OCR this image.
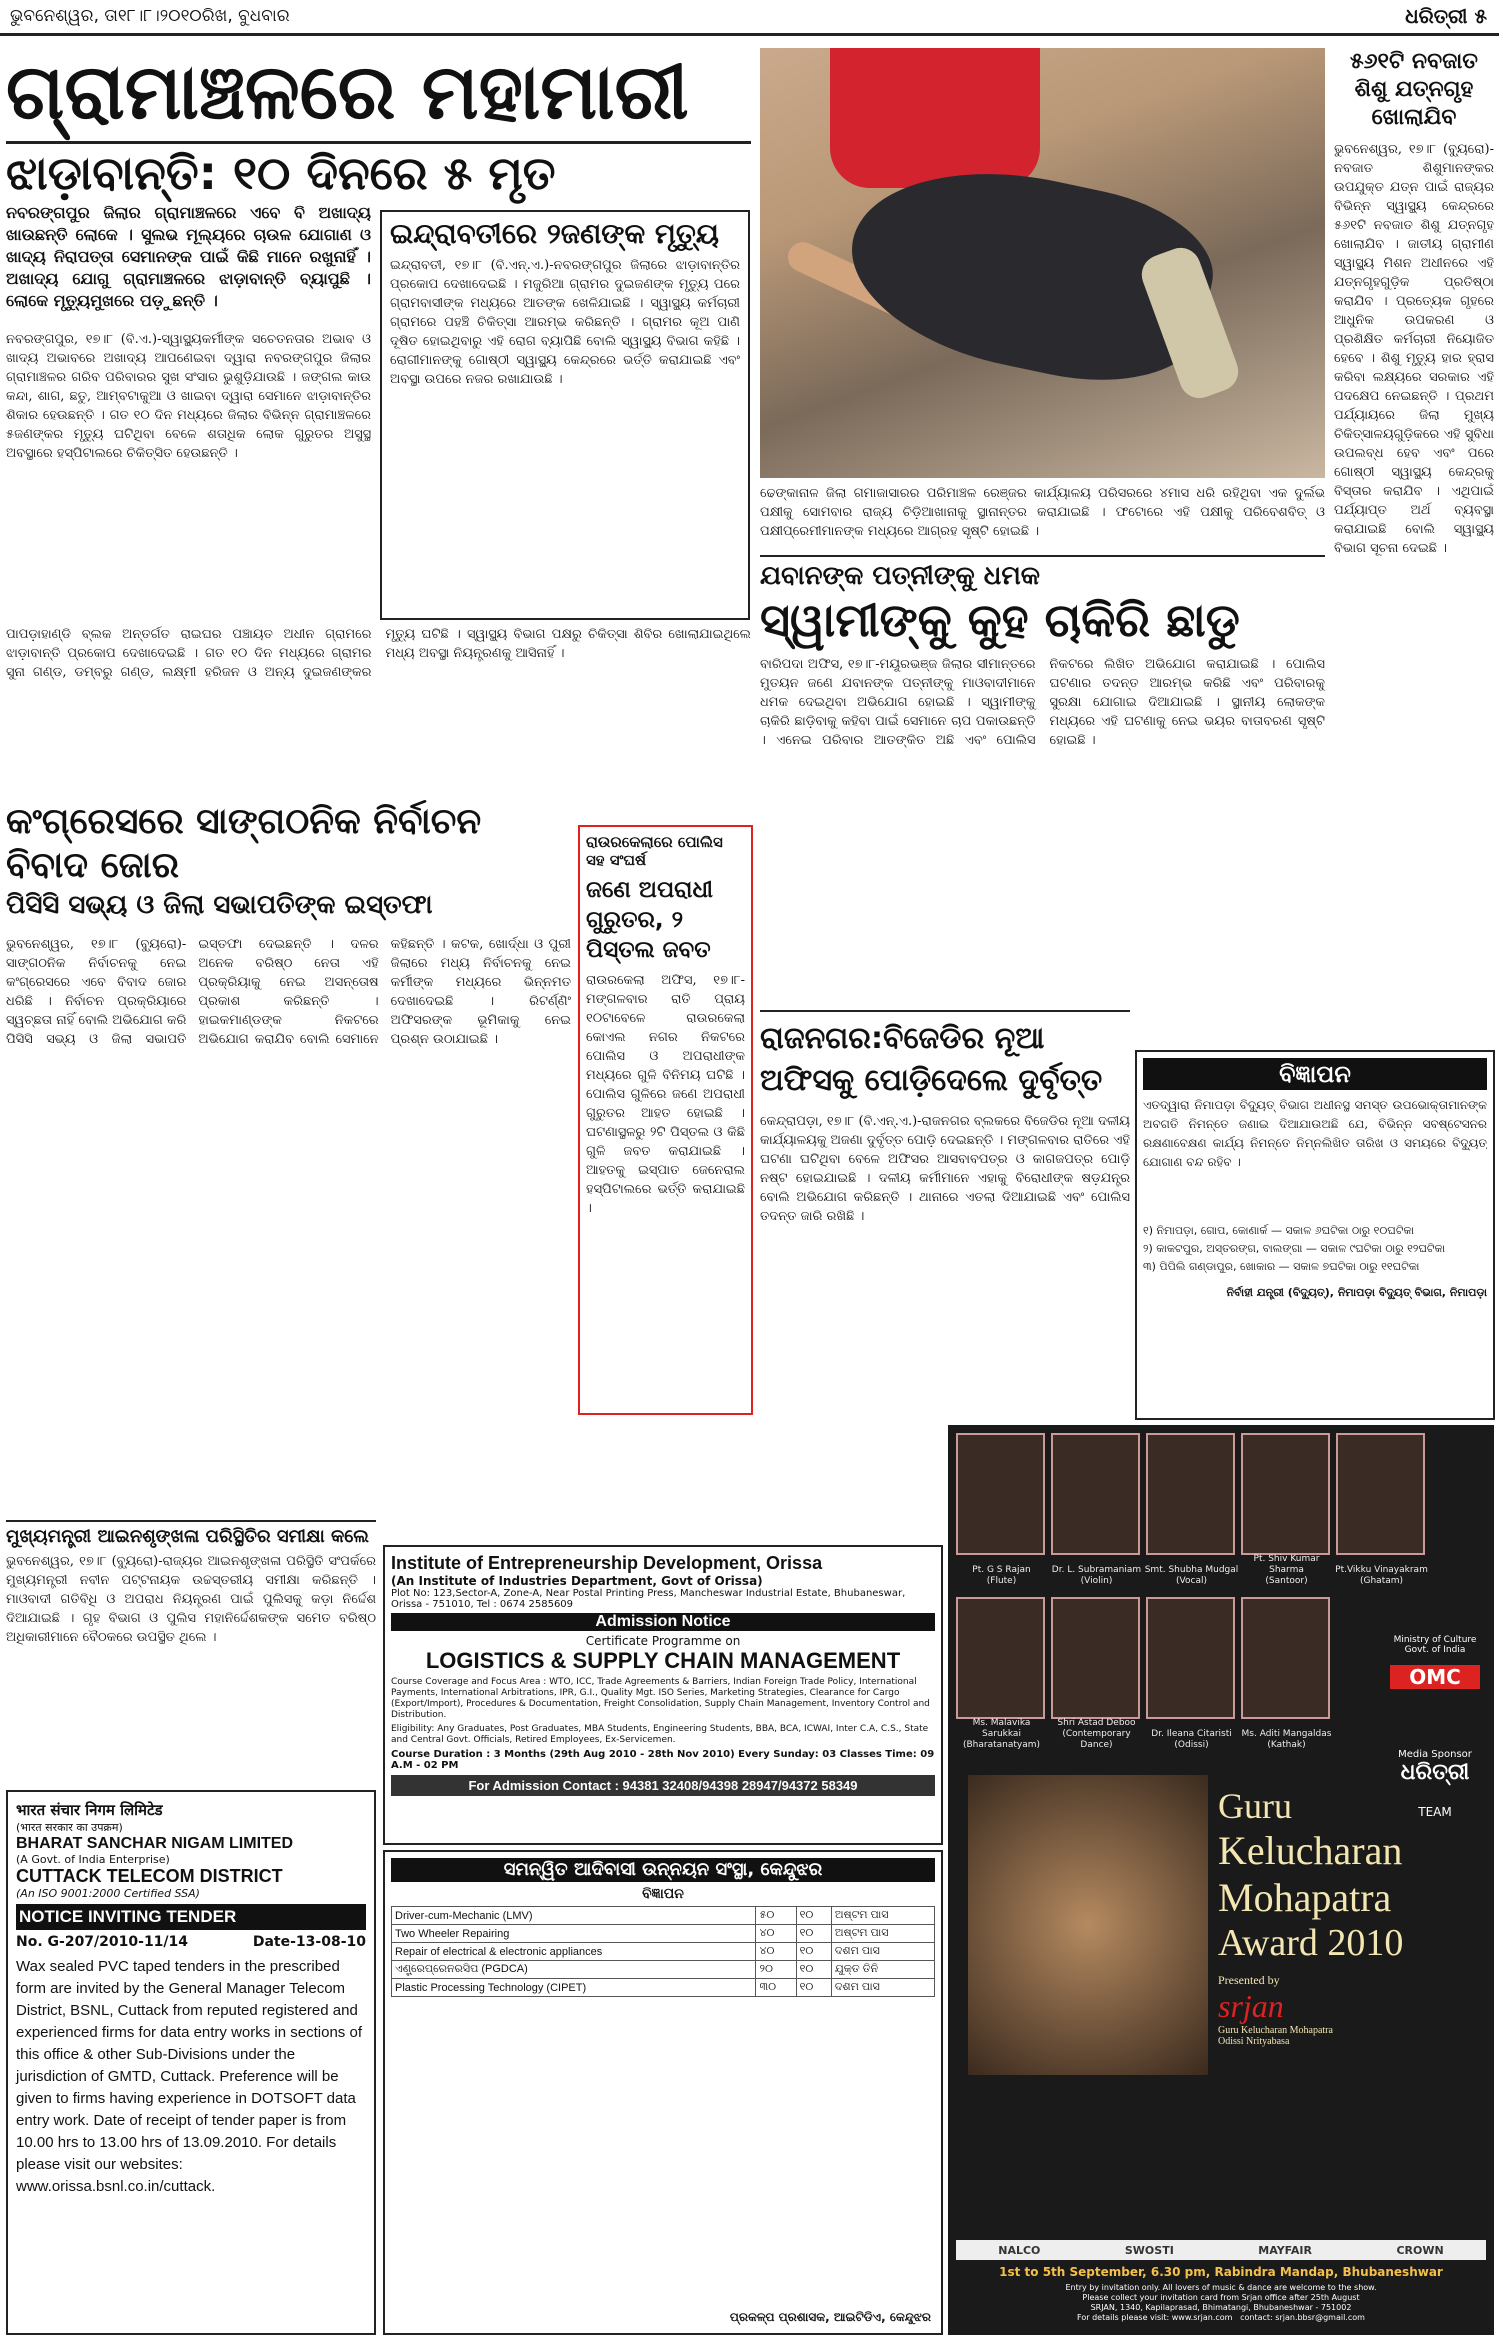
ଭୁବନେଶ୍ୱର, ତା୧୮।୮।୨୦୧୦ରିଖ, ବୁଧବାର	ଧରିତ୍ରୀ ୫
ଗ୍ରାମାଞ୍ଚଳରେ ମହାମାରୀ
ଝାଡ଼ାବାନ୍ତି: ୧୦ ଦିନରେ ୫ ମୃତ
ନବରଙ୍ଗପୁର ଜିଲାର ଗ୍ରାମାଞ୍ଚଳରେ ଏବେ ବି ଅଖାଦ୍ୟ ଖାଉଛନ୍ତି ଲୋକେ । ସୁଲଭ ମୂଲ୍ୟରେ ଚାଉଳ ଯୋଗାଣ ଓ ଖାଦ୍ୟ ନିରାପତ୍ତା ସେମାନଙ୍କ ପାଇଁ କିଛି ମାନେ ରଖୁନାହିଁ । ଅଖାଦ୍ୟ ଯୋଗୁ ଗ୍ରାମାଞ୍ଚଳରେ ଝାଡ଼ାବାନ୍ତି ବ୍ୟାପୁଛି । ଲୋକେ ମୃତ୍ୟୁମୁଖରେ ପଡ଼ୁଛନ୍ତି ।
ନବରଙ୍ଗପୁର, ୧୭।୮ (ବି.ଏ.)-ସ୍ୱାସ୍ଥ୍ୟକର୍ମୀଙ୍କ ସଚେତନତାର ଅଭାବ ଓ ଖାଦ୍ୟ ଅଭାବରେ ଅଖାଦ୍ୟ ଆପଣେଇବା ଦ୍ୱାରା ନବରଙ୍ଗପୁର ଜିଲାର ଗ୍ରାମାଞ୍ଚଳର ଗରିବ ପରିବାରର ସୁଖ ସଂସାର ଭୁଶୁଡ଼ିଯାଉଛି । ଜଙ୍ଗଲ କାଉ କନ୍ଦା, ଶାଗ, ଛତୁ, ଆମ୍ବଟାକୁଆ ଓ ଖାଇବା ଦ୍ୱାରା ସେମାନେ ଝାଡ଼ାବାନ୍ତିର ଶିକାର ହେଉଛନ୍ତି । ଗତ ୧୦ ଦିନ ମଧ୍ୟରେ ଜିଲାର ବିଭିନ୍ନ ଗ୍ରାମାଞ୍ଚଳରେ ୫ଜଣଙ୍କର ମୃତ୍ୟୁ ଘଟିଥିବା ବେଳେ ଶତାଧିକ ଲୋକ ଗୁରୁତର ଅସୁସ୍ଥ ଅବସ୍ଥାରେ ହସ୍ପିଟାଲରେ ଚିକିତ୍ସିତ ହେଉଛନ୍ତି ।
ପାପଡ଼ାହାଣ୍ଡି ବ୍ଲକ ଅନ୍ତର୍ଗତ ରାଇଘର ପଞ୍ଚାୟତ ଅଧୀନ ଗ୍ରାମରେ ଝାଡ଼ାବାନ୍ତି ପ୍ରକୋପ ଦେଖାଦେଇଛି । ଗତ ୧୦ ଦିନ ମଧ୍ୟରେ ଗ୍ରାମର ସୁନା ଗଣ୍ଡ, ଡମ୍ବରୁ ଗଣ୍ଡ, ଲକ୍ଷ୍ମୀ ହରିଜନ ଓ ଅନ୍ୟ ଦୁଇଜଣଙ୍କର ମୃତ୍ୟୁ ଘଟିଛି । ସ୍ୱାସ୍ଥ୍ୟ ବିଭାଗ ପକ୍ଷରୁ ଚିକିତ୍ସା ଶିବିର ଖୋଲାଯାଇଥିଲେ ମଧ୍ୟ ଅବସ୍ଥା ନିୟନ୍ତ୍ରଣକୁ ଆସିନାହିଁ ।
ଇନ୍ଦ୍ରାବତୀରେ ୨ଜଣଙ୍କ ମୃତ୍ୟୁ
ଇନ୍ଦ୍ରାବତୀ, ୧୭।୮ (ବି.ଏନ୍.ଏ.)-ନବରଙ୍ଗପୁର ଜିଲାରେ ଝାଡ଼ାବାନ୍ତିର ପ୍ରକୋପ ଦେଖାଦେଇଛି । ମଜୁରିଆ ଗ୍ରାମର ଦୁଇଜଣଙ୍କ ମୃତ୍ୟୁ ପରେ ଗ୍ରାମବାସୀଙ୍କ ମଧ୍ୟରେ ଆତଙ୍କ ଖେଳିଯାଇଛି । ସ୍ୱାସ୍ଥ୍ୟ କର୍ମଚାରୀ ଗ୍ରାମରେ ପହଞ୍ଚି ଚିକିତ୍ସା ଆରମ୍ଭ କରିଛନ୍ତି । ଗ୍ରାମର କୂଅ ପାଣି ଦୂଷିତ ହୋଇଥିବାରୁ ଏହି ରୋଗ ବ୍ୟାପିଛି ବୋଲି ସ୍ୱାସ୍ଥ୍ୟ ବିଭାଗ କହିଛି । ରୋଗୀମାନଙ୍କୁ ଗୋଷ୍ଠୀ ସ୍ୱାସ୍ଥ୍ୟ କେନ୍ଦ୍ରରେ ଭର୍ତ୍ତି କରାଯାଇଛି ଏବଂ ଅବସ୍ଥା ଉପରେ ନଜର ରଖାଯାଉଛି ।
ଢେଙ୍କାନାଳ ଜିଲା ଗମାଜାସାରର ପରିମାଞ୍ଚଳ ରେଞ୍ଜର କାର୍ଯ୍ୟାଳୟ ପରିସରରେ ୪ମାସ ଧରି ରହିଥିବା ଏକ ଦୁର୍ଲଭ ପକ୍ଷୀକୁ ସୋମବାର ରାଜ୍ୟ ଚିଡ଼ିଆଖାନାକୁ ସ୍ଥାନାନ୍ତର କରାଯାଇଛି । ଫଟୋରେ ଏହି ପକ୍ଷୀକୁ ପରିବେଶବିତ୍ ଓ ପକ୍ଷୀପ୍ରେମୀମାନଙ୍କ ମଧ୍ୟରେ ଆଗ୍ରହ ସୃଷ୍ଟି ହୋଇଛି ।
୫୬୧ଟି ନବଜାତ ଶିଶୁ ଯତ୍ନଗୃହ ଖୋଲାଯିବ
ଭୁବନେଶ୍ୱର, ୧୭।୮ (ବ୍ୟୁରୋ)-ନବଜାତ ଶିଶୁମାନଙ୍କର ଉପଯୁକ୍ତ ଯତ୍ନ ପାଇଁ ରାଜ୍ୟର ବିଭିନ୍ନ ସ୍ୱାସ୍ଥ୍ୟ କେନ୍ଦ୍ରରେ ୫୬୧ଟି ନବଜାତ ଶିଶୁ ଯତ୍ନଗୃହ ଖୋଲାଯିବ । ଜାତୀୟ ଗ୍ରାମୀଣ ସ୍ୱାସ୍ଥ୍ୟ ମିଶନ ଅଧୀନରେ ଏହି ଯତ୍ନଗୃହଗୁଡ଼ିକ ପ୍ରତିଷ୍ଠା କରାଯିବ । ପ୍ରତ୍ୟେକ ଗୃହରେ ଆଧୁନିକ ଉପକରଣ ଓ ପ୍ରଶିକ୍ଷିତ କର୍ମଚାରୀ ନିୟୋଜିତ ହେବେ । ଶିଶୁ ମୃତ୍ୟୁ ହାର ହ୍ରାସ କରିବା ଲକ୍ଷ୍ୟରେ ସରକାର ଏହି ପଦକ୍ଷେପ ନେଇଛନ୍ତି । ପ୍ରଥମ ପର୍ଯ୍ୟାୟରେ ଜିଲା ମୁଖ୍ୟ ଚିକିତ୍ସାଳୟଗୁଡ଼ିକରେ ଏହି ସୁବିଧା ଉପଲବ୍ଧ ହେବ ଏବଂ ପରେ ଗୋଷ୍ଠୀ ସ୍ୱାସ୍ଥ୍ୟ କେନ୍ଦ୍ରକୁ ବିସ୍ତାର କରାଯିବ । ଏଥିପାଇଁ ପର୍ଯ୍ୟାପ୍ତ ଅର୍ଥ ବ୍ୟବସ୍ଥା କରାଯାଇଛି ବୋଲି ସ୍ୱାସ୍ଥ୍ୟ ବିଭାଗ ସୂଚନା ଦେଇଛି ।
ଯବାନଙ୍କ ପତ୍ନୀଙ୍କୁ ଧମକ
ସ୍ୱାମୀଙ୍କୁ କୁହ ଚାକିରି ଛାଡୁ
ବାରିପଦା ଅଫିସ, ୧୭।୮-ମୟୂରଭଞ୍ଜ ଜିଲାର ସୀମାନ୍ତରେ ମୁତୟନ ଜଣେ ଯବାନଙ୍କ ପତ୍ନୀଙ୍କୁ ମାଓବାଦୀମାନେ ଧମକ ଦେଇଥିବା ଅଭିଯୋଗ ହୋଇଛି । ସ୍ୱାମୀଙ୍କୁ ଚାକିରି ଛାଡ଼ିବାକୁ କହିବା ପାଇଁ ସେମାନେ ଚାପ ପକାଉଛନ୍ତି । ଏନେଇ ପରିବାର ଆତଙ୍କିତ ଅଛି ଏବଂ ପୋଲିସ ନିକଟରେ ଲିଖିତ ଅଭିଯୋଗ କରାଯାଇଛି । ପୋଲିସ ଘଟଣାର ତଦନ୍ତ ଆରମ୍ଭ କରିଛି ଏବଂ ପରିବାରକୁ ସୁରକ୍ଷା ଯୋଗାଇ ଦିଆଯାଇଛି । ସ୍ଥାନୀୟ ଲୋକଙ୍କ ମଧ୍ୟରେ ଏହି ଘଟଣାକୁ ନେଇ ଭୟର ବାତାବରଣ ସୃଷ୍ଟି ହୋଇଛି ।
ରାଜନଗର:ବିଜେଡିର ନୂଆ ଅଫିସକୁ ପୋଡ଼ିଦେଲେ ଦୁର୍ବୃତ୍ତ
କେନ୍ଦ୍ରାପଡ଼ା, ୧୭।୮ (ବି.ଏନ୍.ଏ.)-ରାଜନଗର ବ୍ଲକରେ ବିଜେଡିର ନୂଆ ଦଳୀୟ କାର୍ଯ୍ୟାଳୟକୁ ଅଜଣା ଦୁର୍ବୃତ୍ତ ପୋଡ଼ି ଦେଇଛନ୍ତି । ମଙ୍ଗଳବାର ରାତିରେ ଏହି ଘଟଣା ଘଟିଥିବା ବେଳେ ଅଫିସର ଆସବାବପତ୍ର ଓ କାଗଜପତ୍ର ପୋଡ଼ି ନଷ୍ଟ ହୋଇଯାଇଛି । ଦଳୀୟ କର୍ମୀମାନେ ଏହାକୁ ବିରୋଧୀଙ୍କ ଷଡ଼ଯନ୍ତ୍ର ବୋଲି ଅଭିଯୋଗ କରିଛନ୍ତି । ଥାନାରେ ଏତଲା ଦିଆଯାଇଛି ଏବଂ ପୋଲିସ ତଦନ୍ତ ଜାରି ରଖିଛି ।
ବିଜ୍ଞାପନ
ଏତଦ୍ୱାରା ନିମାପଡ଼ା ବିଦ୍ୟୁତ୍ ବିଭାଗ ଅଧୀନସ୍ଥ ସମସ୍ତ ଉପଭୋକ୍ତାମାନଙ୍କ ଅବଗତି ନିମନ୍ତେ ଜଣାଇ ଦିଆଯାଉଅଛି ଯେ, ବିଭିନ୍ନ ସବଷ୍ଟେସନର ରକ୍ଷଣାବେକ୍ଷଣ କାର୍ଯ୍ୟ ନିମନ୍ତେ ନିମ୍ନଲିଖିତ ତାରିଖ ଓ ସମୟରେ ବିଦ୍ୟୁତ୍ ଯୋଗାଣ ବନ୍ଦ ରହିବ ।
୧) ନିମାପଡ଼ା, ଗୋପ, କୋଣାର୍କ — ସକାଳ ୬ଘଟିକା ଠାରୁ ୧୦ଘଟିକା
୨) କାକଟପୁର, ଅସ୍ତରଙ୍ଗ, ବାଲଙ୍ଗା — ସକାଳ ୯ଘଟିକା ଠାରୁ ୧୨ଘଟିକା
୩) ପିପିଲି ଗଣ୍ଡାପୁର, ଖୋକାର — ସକାଳ ୭ଘଟିକା ଠାରୁ ୧୧ଘଟିକା
ନିର୍ବାହୀ ଯନ୍ତ୍ରୀ (ବିଦ୍ୟୁତ୍), ନିମାପଡ଼ା ବିଦ୍ୟୁତ୍ ବିଭାଗ, ନିମାପଡ଼ା
କଂଗ୍ରେସରେ ସାଙ୍ଗଠନିକ ନିର୍ବାଚନ ବିବାଦ ଜୋର
ପିସିସି ସଭ୍ୟ ଓ ଜିଲା ସଭାପତିଙ୍କ ଇସ୍ତଫା
ଭୁବନେଶ୍ୱର, ୧୭।୮ (ବ୍ୟୁରୋ)-ସାଙ୍ଗଠନିକ ନିର୍ବାଚନକୁ ନେଇ କଂଗ୍ରେସରେ ଏବେ ବିବାଦ ଜୋର ଧରିଛି । ନିର୍ବାଚନ ପ୍ରକ୍ରିୟାରେ ସ୍ୱଚ୍ଛତା ନାହିଁ ବୋଲି ଅଭିଯୋଗ କରି ପିସିସି ସଭ୍ୟ ଓ ଜିଲା ସଭାପତି ଇସ୍ତଫା ଦେଇଛନ୍ତି । ଦଳର ଅନେକ ବରିଷ୍ଠ ନେତା ଏହି ପ୍ରକ୍ରିୟାକୁ ନେଇ ଅସନ୍ତୋଷ ପ୍ରକାଶ କରିଛନ୍ତି । ହାଇକମାଣ୍ଡଙ୍କ ନିକଟରେ ଅଭିଯୋଗ କରାଯିବ ବୋଲି ସେମାନେ କହିଛନ୍ତି । କଟକ, ଖୋର୍ଦ୍ଧା ଓ ପୁରୀ ଜିଲାରେ ମଧ୍ୟ ନିର୍ବାଚନକୁ ନେଇ କର୍ମୀଙ୍କ ମଧ୍ୟରେ ଭିନ୍ନମତ ଦେଖାଦେଇଛି । ରିଟର୍ଣ୍ଣିଂ ଅଫିସରଙ୍କ ଭୂମିକାକୁ ନେଇ ପ୍ରଶ୍ନ ଉଠାଯାଇଛି ।
ରାଉରକେଲାରେ ପୋଲିସ ସହ ସଂଘର୍ଷ
ଜଣେ ଅପରାଧୀ ଗୁରୁତର, ୨ ପିସ୍ତଲ ଜବତ
ରାଉରକେଲା ଅଫିସ, ୧୭।୮-ମଙ୍ଗଳବାର ରାତି ପ୍ରାୟ ୧୦ଟାବେଳେ ରାଉରକେଲା କୋଏଲ ନଗର ନିକଟରେ ପୋଲିସ ଓ ଅପରାଧୀଙ୍କ ମଧ୍ୟରେ ଗୁଳି ବିନିମୟ ଘଟିଛି । ପୋଲିସ ଗୁଳିରେ ଜଣେ ଅପରାଧୀ ଗୁରୁତର ଆହତ ହୋଇଛି । ଘଟଣାସ୍ଥଳରୁ ୨ଟି ପିସ୍ତଲ ଓ କିଛି ଗୁଳି ଜବତ କରାଯାଇଛି । ଆହତକୁ ଇସ୍ପାତ ଜେନେରାଲ ହସ୍ପିଟାଲରେ ଭର୍ତ୍ତି କରାଯାଇଛି ।
ମୁଖ୍ୟମନ୍ତ୍ରୀ ଆଇନଶୃଙ୍ଖଳା ପରିସ୍ଥିତିର ସମୀକ୍ଷା କଲେ
ଭୁବନେଶ୍ୱର, ୧୭।୮ (ବ୍ୟୁରୋ)-ରାଜ୍ୟର ଆଇନଶୃଙ୍ଖଳା ପରିସ୍ଥିତି ସଂପର୍କରେ ମୁଖ୍ୟମନ୍ତ୍ରୀ ନବୀନ ପଟ୍ଟନାୟକ ଉଚ୍ଚସ୍ତରୀୟ ସମୀକ୍ଷା କରିଛନ୍ତି । ମାଓବାଦୀ ଗତିବିଧି ଓ ଅପରାଧ ନିୟନ୍ତ୍ରଣ ପାଇଁ ପୁଲିସକୁ କଡ଼ା ନିର୍ଦ୍ଦେଶ ଦିଆଯାଇଛି । ଗୃହ ବିଭାଗ ଓ ପୁଲିସ ମହାନିର୍ଦ୍ଦେଶକଙ୍କ ସମେତ ବରିଷ୍ଠ ଅଧିକାରୀମାନେ ବୈଠକରେ ଉପସ୍ଥିତ ଥିଲେ ।
भारत संचार निगम लिमिटेड
(भारत सरकार का उपक्रम)
BHARAT SANCHAR NIGAM LIMITED
(A Govt. of India Enterprise)
CUTTACK TELECOM DISTRICT
(An ISO 9001:2000 Certified SSA)
NOTICE INVITING TENDER
No. G-207/2010-11/14	Date-13-08-10
Wax sealed PVC taped tenders in the prescribed form are invited by the General Manager Telecom District, BSNL, Cuttack from reputed registered and experienced firms for data entry works in sections of this office & other Sub-Divisions under the jurisdiction of GMTD, Cuttack. Preference will be given to firms having experience in DOTSOFT data entry work. Date of receipt of tender paper is from 10.00 hrs to 13.00 hrs of 13.09.2010. For details please visit our websites: www.orissa.bsnl.co.in/cuttack.
Institute of Entrepreneurship Development, Orissa
(An Institute of Industries Department, Govt of Orissa)
Plot No: 123,Sector-A, Zone-A, Near Postal Printing Press, Mancheswar Industrial Estate, Bhubaneswar, Orissa - 751010, Tel : 0674 2585609
Admission Notice
Certificate Programme on
LOGISTICS & SUPPLY CHAIN MANAGEMENT
Course Coverage and Focus Area : WTO, ICC, Trade Agreements & Barriers, Indian Foreign Trade Policy, International Payments, International Arbitrations, IPR, G.I., Quality Mgt. ISO Series, Marketing Strategies, Clearance for Cargo (Export/Import), Procedures & Documentation, Freight Consolidation, Supply Chain Management, Inventory Control and Distribution.
Eligibility: Any Graduates, Post Graduates, MBA Students, Engineering Students, BBA, BCA, ICWAI, Inter C.A, C.S., State and Central Govt. Officials, Retired Employees, Ex-Servicemen.
Course Duration : 3 Months (29th Aug 2010 - 28th Nov 2010) Every Sunday: 03 Classes Time: 09 A.M - 02 PM
For Admission Contact : 94381 32408/94398 28947/94372 58349
ସମନ୍ୱିତ ଆଦିବାସୀ ଉନ୍ନୟନ ସଂସ୍ଥା, କେନ୍ଦୁଝର
ବିଜ୍ଞାପନ
Driver-cum-Mechanic (LMV)	୫୦	୧୦	ଅଷ୍ଟମ ପାସ
Two Wheeler Repairing	୪୦	୧୦	ଅଷ୍ଟମ ପାସ
Repair of electrical & electronic appliances	୪୦	୧୦	ଦଶମ ପାସ
ଏଣ୍ଟ୍ରେପ୍ରେନରସିପ (PGDCA)	୨୦	୧୦	ଯୁକ୍ତ ତିନି
Plastic Processing Technology (CIPET)	୩୦	୧୦	ଦଶମ ପାସ
ପ୍ରକଳ୍ପ ପ୍ରଶାସକ, ଆଇଟିଡିଏ, କେନ୍ଦୁଝର
Pt. G S Rajan
(Flute)
Dr. L. Subramaniam
(Violin)
Smt. Shubha Mudgal
(Vocal)
Pt. Shiv Kumar Sharma
(Santoor)
Pt.Vikku Vinayakram
(Ghatam)
Ms. Malavika Sarukkai
(Bharatanatyam)
Shri Astad Deboo
(Contemporary Dance)
Dr. Ileana Citaristi
(Odissi)
Ms. Aditi Mangaldas
(Kathak)
Guru
Kelucharan
Mohapatra
Award 2010
Presented by
srjan
Guru Kelucharan Mohapatra Odissi Nrityabasa
Ministry of Culture Govt. of India
OMC
Media Sponsor
ଧରିତ୍ରୀ
TEAM
NALCO	SWOSTI	MAYFAIR	CROWN
1st to 5th September, 6.30 pm, Rabindra Mandap, Bhubaneshwar
Entry by invitation only. All lovers of music & dance are welcome to the show.
Please collect your invitation card from Srjan office after 25th August
SRJAN, 1340, Kapilaprasad, Bhimatangi, Bhubaneshwar - 751002
For details please visit: www.srjan.com contact: srjan.bbsr@gmail.com
